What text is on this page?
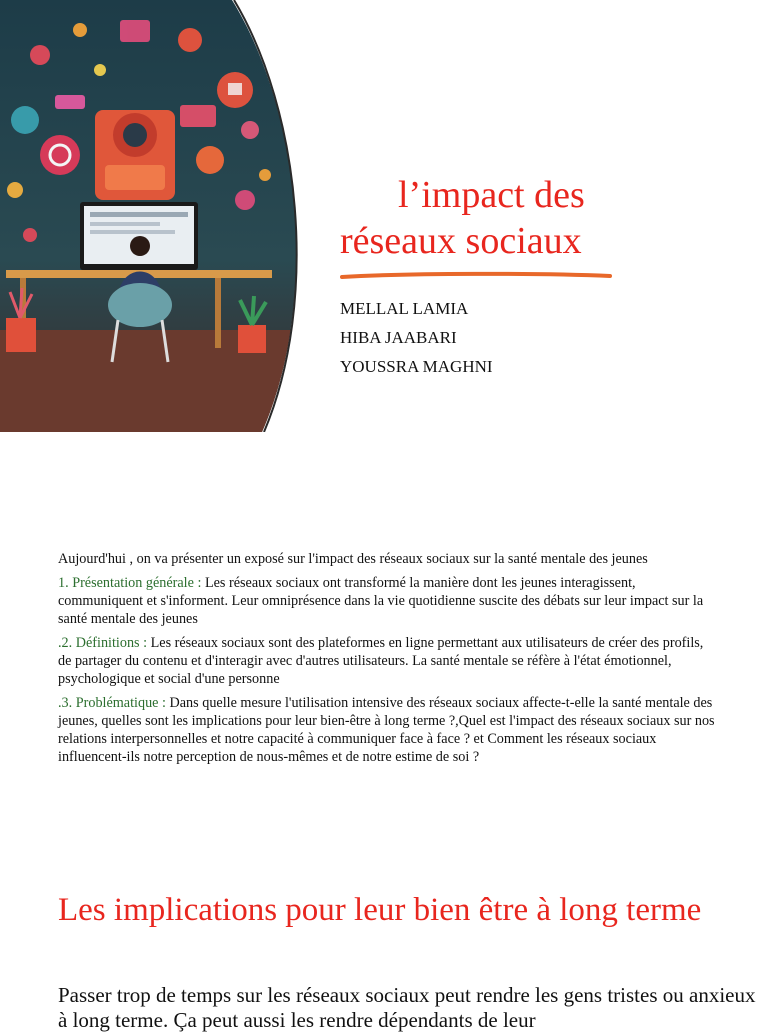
l’impact des
réseaux sociaux
MELLAL LAMIA
HIBA JAABARI
YOUSSRA MAGHNI

Aujourd'hui , on va présenter un exposé sur l'impact des réseaux sociaux sur la santé mentale des jeunes

1. Présentation générale : Les réseaux sociaux ont transformé la manière dont les jeunes interagissent, communiquent et s'informent. Leur omniprésence dans la vie quotidienne suscite des débats sur leur impact sur la santé mentale des jeunes

.2. Définitions : Les réseaux sociaux sont des plateformes en ligne permettant aux utilisateurs de créer des profils, de partager du contenu et d'interagir avec d'autres utilisateurs. La santé mentale se réfère à l'état émotionnel, psychologique et social d'une personne

.3. Problématique : Dans quelle mesure l'utilisation intensive des réseaux sociaux affecte-t-elle la santé mentale des jeunes, quelles sont les implications pour leur bien-être à long terme ?,Quel est l'impact des réseaux sociaux sur nos relations interpersonnelles et notre capacité à communiquer face à face ? et Comment les réseaux sociaux influencent-ils notre perception de nous-mêmes et de notre estime de soi ?

Les implications pour leur bien être à long terme

Passer trop de temps sur les réseaux sociaux peut rendre les gens tristes ou anxieux à long terme. Ça peut aussi les rendre dépendants de leur
